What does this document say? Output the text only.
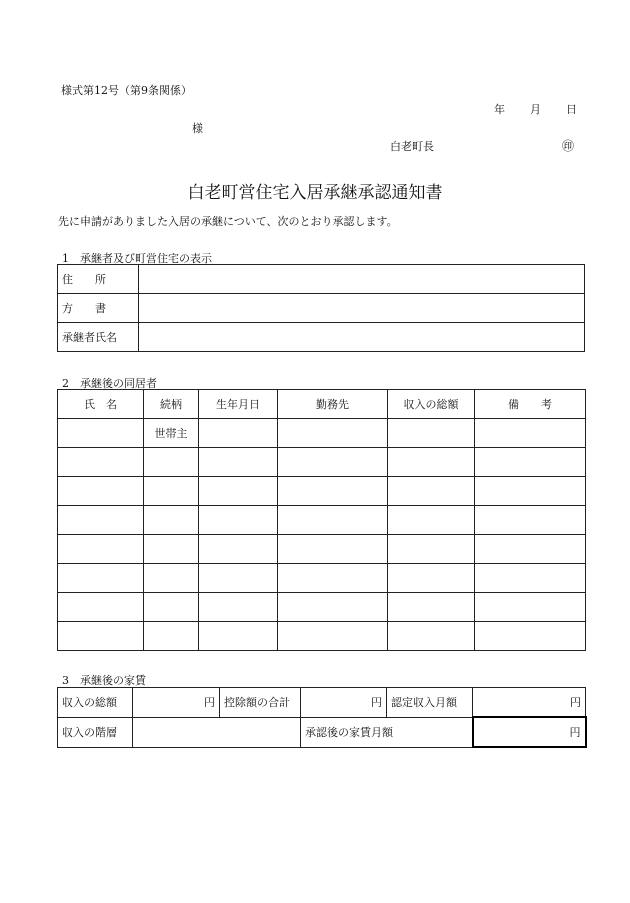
様式第12号（第9条関係）
年 月 日
様
白老町長	㊞
白老町営住宅入居承継承認通知書
先に申請がありました入居の承継について、次のとおり承認します。
1　承継者及び町営住宅の表示
住　　所	
方　　書	
承継者氏名	
2　承継後の同居者
氏　名	続柄	生年月日	勤務先	収入の総額	備　　考
	世帯主				

3　承継後の家賃
収入の総額	円	控除額の合計	円	認定収入月額	円
収入の階層			承認後の家賃月額		円
